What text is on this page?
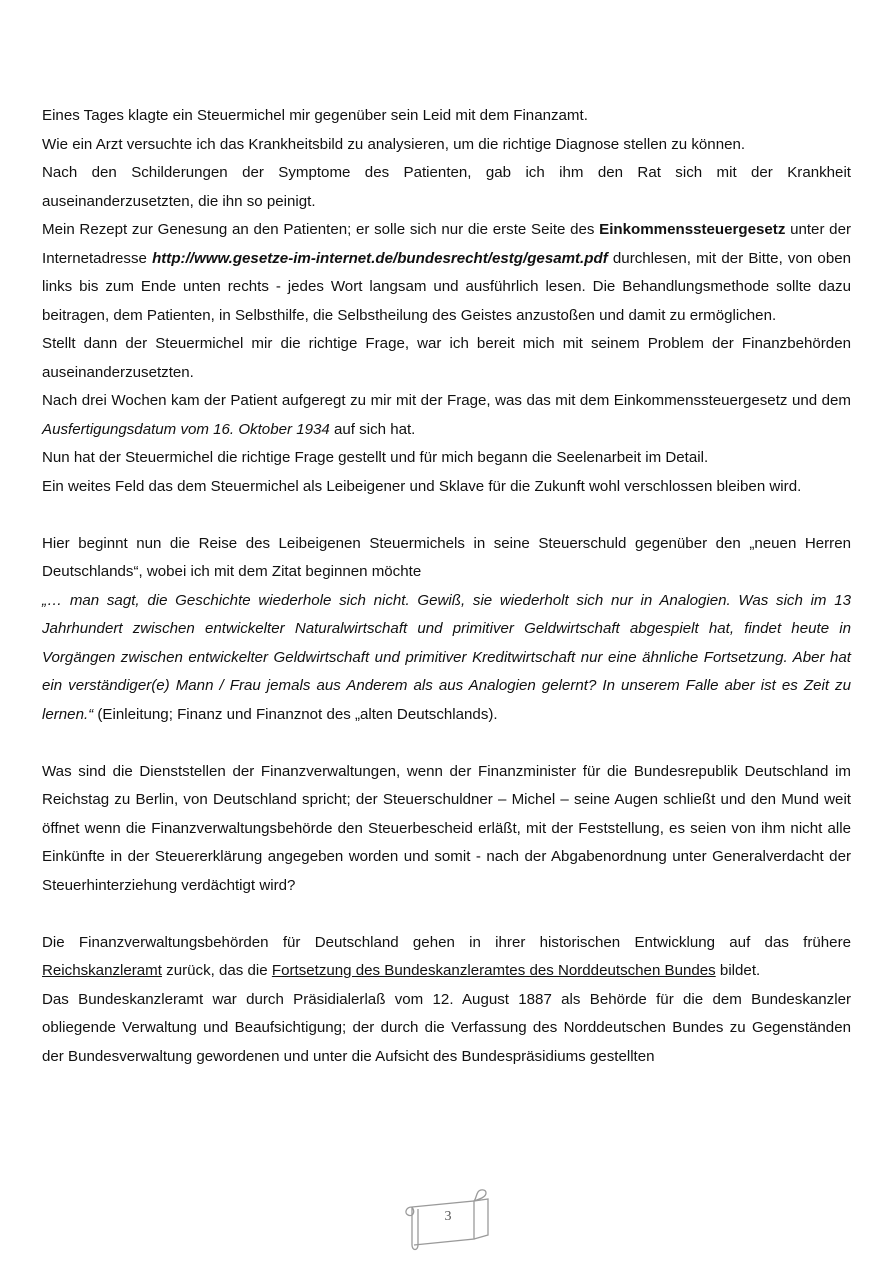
Eines Tages klagte ein Steuermichel mir gegenüber sein Leid mit dem Finanzamt.

Wie ein Arzt versuchte ich das Krankheitsbild zu analysieren, um die richtige Diagnose stellen zu können.

Nach den Schilderungen der Symptome des Patienten, gab ich ihm den Rat sich mit der Krankheit auseinanderzusetzten, die ihn so peinigt.

Mein Rezept zur Genesung an den Patienten; er solle sich nur die erste Seite des Einkommenssteuergesetz unter der Internetadresse http://www.gesetze-im-internet.de/bundesrecht/estg/gesamt.pdf durchlesen, mit der Bitte, von oben links bis zum Ende unten rechts - jedes Wort langsam und ausführlich lesen. Die Behandlungsmethode sollte dazu beitragen, dem Patienten, in Selbsthilfe, die Selbstheilung des Geistes anzustoßen und damit zu ermöglichen.

Stellt dann der Steuermichel mir die richtige Frage, war ich bereit mich mit seinem Problem der Finanzbehörden auseinanderzusetzten.

Nach drei Wochen kam der Patient aufgeregt zu mir mit der Frage, was das mit dem Einkommenssteuergesetz und dem Ausfertigungsdatum vom 16. Oktober 1934 auf sich hat.

Nun hat der Steuermichel die richtige Frage gestellt und für mich begann die Seelenarbeit im Detail.

Ein weites Feld das dem Steuermichel als Leibeigener und Sklave für die Zukunft wohl verschlossen bleiben wird.

Hier beginnt nun die Reise des Leibeigenen Steuermichels in seine Steuerschuld gegenüber den „neuen Herren Deutschlands“, wobei ich mit dem Zitat beginnen möchte

„… man sagt, die Geschichte wiederhole sich nicht. Gewiß, sie wiederholt sich nur in Analogien. Was sich im 13 Jahrhundert zwischen entwickelter Naturalwirtschaft und primitiver Geldwirtschaft abgespielt hat, findet heute in Vorgängen zwischen entwickelter Geldwirtschaft und primitiver Kreditwirtschaft nur eine ähnliche Fortsetzung. Aber hat ein verständiger(e) Mann / Frau jemals aus Anderem als aus Analogien gelernt? In unserem Falle aber ist es Zeit zu lernen.“ (Einleitung; Finanz und Finanznot des „alten Deutschlands).

Was sind die Dienststellen der Finanzverwaltungen, wenn der Finanzminister für die Bundesrepublik Deutschland im Reichstag zu Berlin, von Deutschland spricht; der Steuerschuldner – Michel – seine Augen schließt und den Mund weit öffnet wenn die Finanzverwaltungsbehörde den Steuerbescheid erläßt, mit der Feststellung, es seien von ihm nicht alle Einkünfte in der Steuererklärung angegeben worden und somit - nach der Abgabenordnung unter Generalverdacht der Steuerhinterziehung verdächtigt wird?

Die Finanzverwaltungsbehörden für Deutschland gehen in ihrer historischen Entwicklung auf das frühere Reichskanzleramt zurück, das die Fortsetzung des Bundeskanzleramtes des Norddeutschen Bundes bildet.

Das Bundeskanzleramt war durch Präsidialerlaß vom 12. August 1887 als Behörde für die dem Bundeskanzler obliegende Verwaltung und Beaufsichtigung; der durch die Verfassung des Norddeutschen Bundes zu Gegenständen der Bundesverwaltung gewordenen und unter die Aufsicht des Bundespräsidiums gestellten

3
